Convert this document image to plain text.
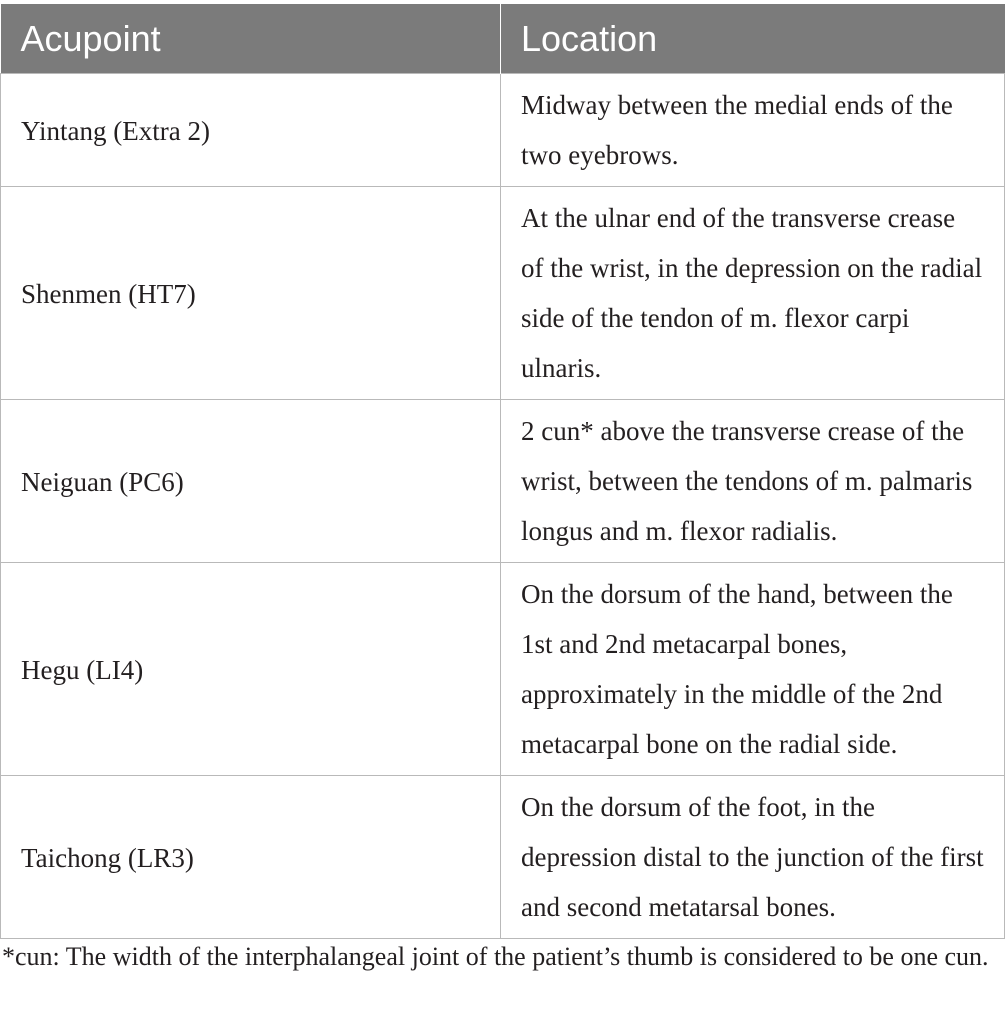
Acupoint	Location
Yintang (Extra 2)	Midway between the medial ends of the two eyebrows.
Shenmen (HT7)	At the ulnar end of the transverse crease of the wrist, in the depression on the radial side of the tendon of m. flexor carpi ulnaris.
Neiguan (PC6)	2 cun* above the transverse crease of the wrist, between the tendons of m. palmaris longus and m. flexor radialis.
Hegu (LI4)	On the dorsum of the hand, between the 1st and 2nd metacarpal bones, approximately in the middle of the 2nd metacarpal bone on the radial side.
Taichong (LR3)	On the dorsum of the foot, in the depression distal to the junction of the first and second metatarsal bones.

*cun: The width of the interphalangeal joint of the patient’s thumb is considered to be one cun.
